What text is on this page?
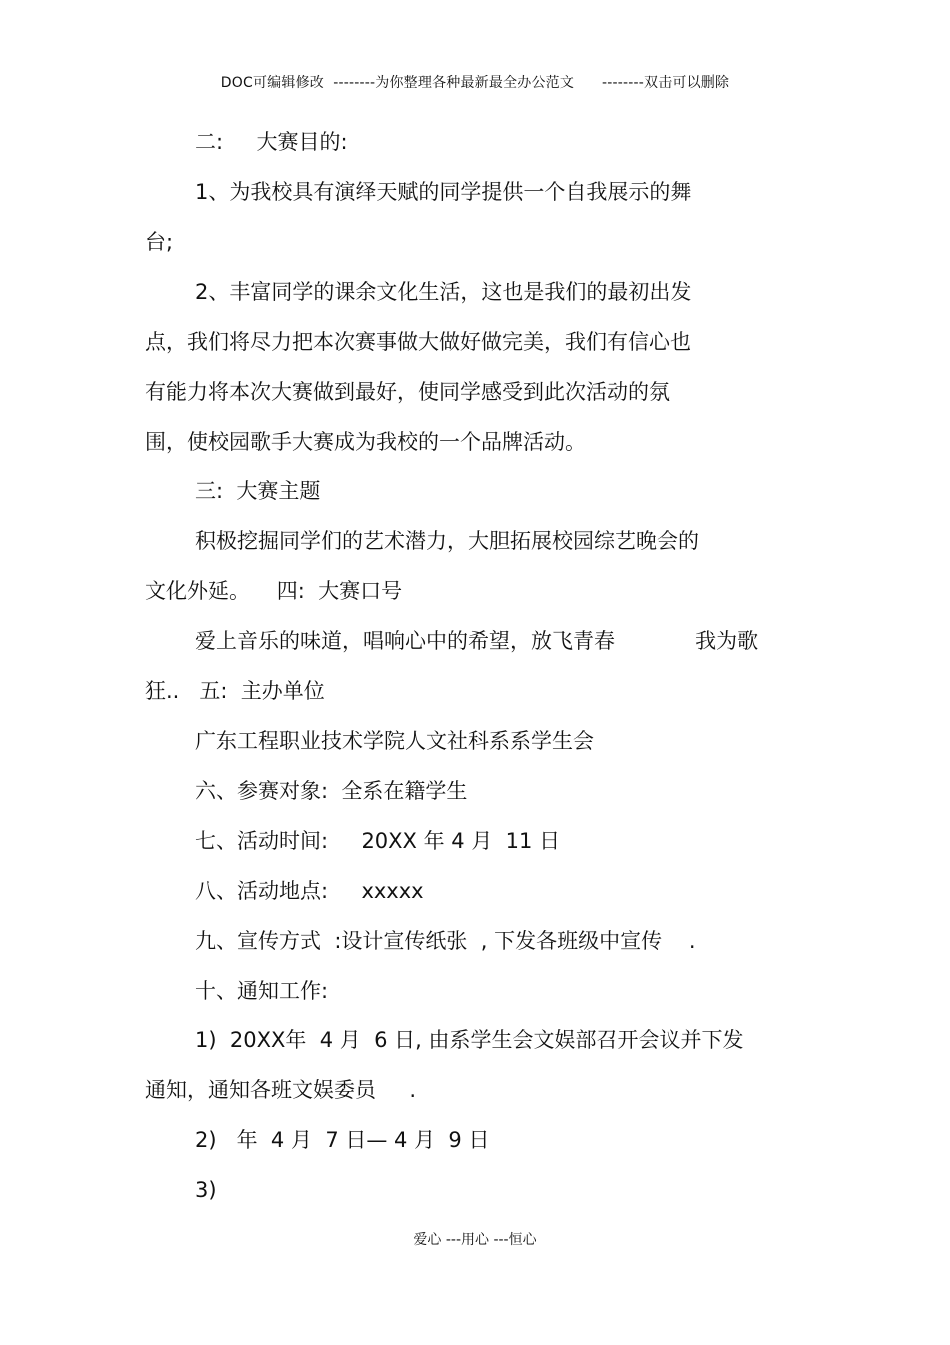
DOC可编辑修改  --------为你整理各种最新最全办公范文      --------双击可以删除
二:     大赛目的:
1、为我校具有演绎天赋的同学提供一个自我展示的舞
台;
2、丰富同学的课余文化生活，这也是我们的最初出发
点，我们将尽力把本次赛事做大做好做完美，我们有信心也
有能力将本次大赛做到最好，使同学感受到此次活动的氛
围，使校园歌手大赛成为我校的一个品牌活动。
三:  大赛主题
积极挖掘同学们的艺术潜力，大胆拓展校园综艺晚会的
文化外延。    四:  大赛口号
爱上音乐的味道，唱响心中的希望，放飞青春            我为歌
狂..   五:  主办单位
广东工程职业技术学院人文社科系系学生会
六、参赛对象:  全系在籍学生
七、活动时间:     20XX 年 4 月  11 日
八、活动地点:     xxxxx
九、宣传方式  :设计宣传纸张  , 下发各班级中宣传    .
十、通知工作:
1)  20XX年  4 月  6 日, 由系学生会文娱部召开会议并下发
通知，通知各班文娱委员     .
2)   年  4 月  7 日— 4 月  9 日
3)
爱心 ---用心 ---恒心
